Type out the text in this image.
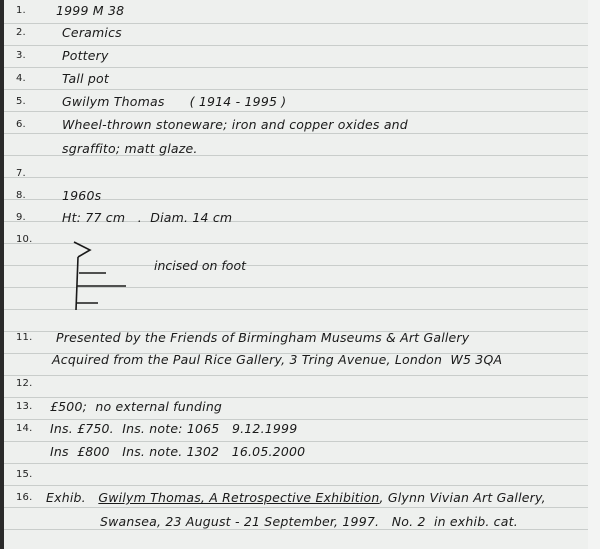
1. 1999 M 38
2.	Ceramics
3.	Pottery
4.	Tall pot
5.	Gwilym Thomas      ( 1914 - 1995 )
6.	Wheel-thrown stoneware; iron and copper oxides and
sgraffito; matt glaze.
7.
8.	1960s
9.	Ht: 77 cm   .  Diam. 14 cm
10.
incised on foot
11. Presented by the Friends of Birmingham Museums & Art Gallery
Acquired from the Paul Rice Gallery, 3 Tring Avenue, London  W5 3QA
12.
13. £500;  no external funding
14. Ins. £750.  Ins. note: 1065   9.12.1999
Ins  £800   Ins. note. 1302   16.05.2000
15.
16. Exhib. Gwilym Thomas, A Retrospective Exhibition, Glynn Vivian Art Gallery,
Swansea, 23 August - 21 September, 1997.   No. 2  in exhib. cat.
